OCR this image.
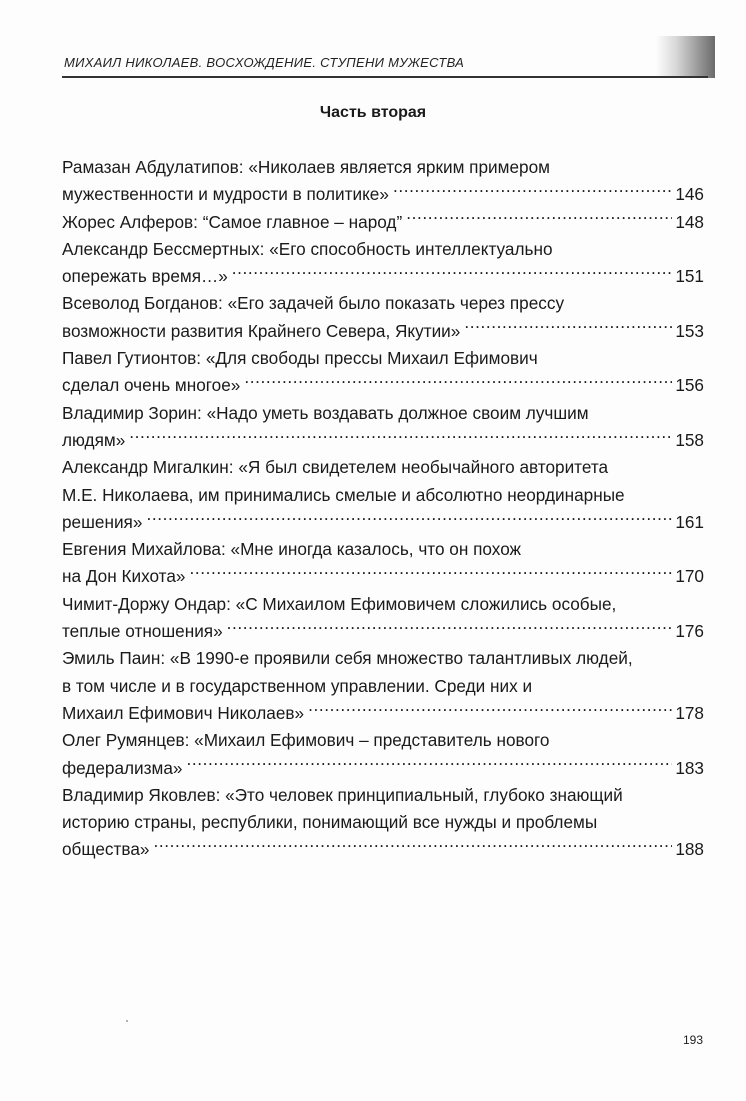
МИХАИЛ НИКОЛАЕВ. ВОСХОЖДЕНИЕ. СТУПЕНИ МУЖЕСТВА
Часть вторая
Рамазан Абдулатипов: «Николаев является ярким примером
мужественности и мудрости в политике» .....	146
Жорес Алферов: “Самое главное – народ” .....	148
Александр Бессмертных: «Его способность интеллектуально
опережать время…» .....	151
Всеволод Богданов: «Его задачей было показать через прессу
возможности развития Крайнего Севера, Якутии» .....	153
Павел Гутионтов: «Для свободы прессы Михаил Ефимович
сделал очень многое» .....	156
Владимир Зорин: «Надо уметь воздавать должное своим лучшим
людям» .....	158
Александр Мигалкин: «Я был свидетелем необычайного авторитета
М.Е. Николаева, им принимались смелые и абсолютно неординарные
решения» .....	161
Евгения Михайлова: «Мне иногда казалось, что он похож
на Дон Кихота» .....	170
Чимит-Доржу Ондар: «С Михаилом Ефимовичем сложились особые,
теплые отношения» .....	176
Эмиль Паин: «В 1990-е проявили себя множество талантливых людей,
в том числе и в государственном управлении. Среди них и
Михаил Ефимович Николаев» .....	178
Олег Румянцев: «Михаил Ефимович – представитель нового
федерализма» .....	183
Владимир Яковлев: «Это человек принципиальный, глубоко знающий
историю страны, республики, понимающий все нужды и проблемы
общества» .....	188
193
